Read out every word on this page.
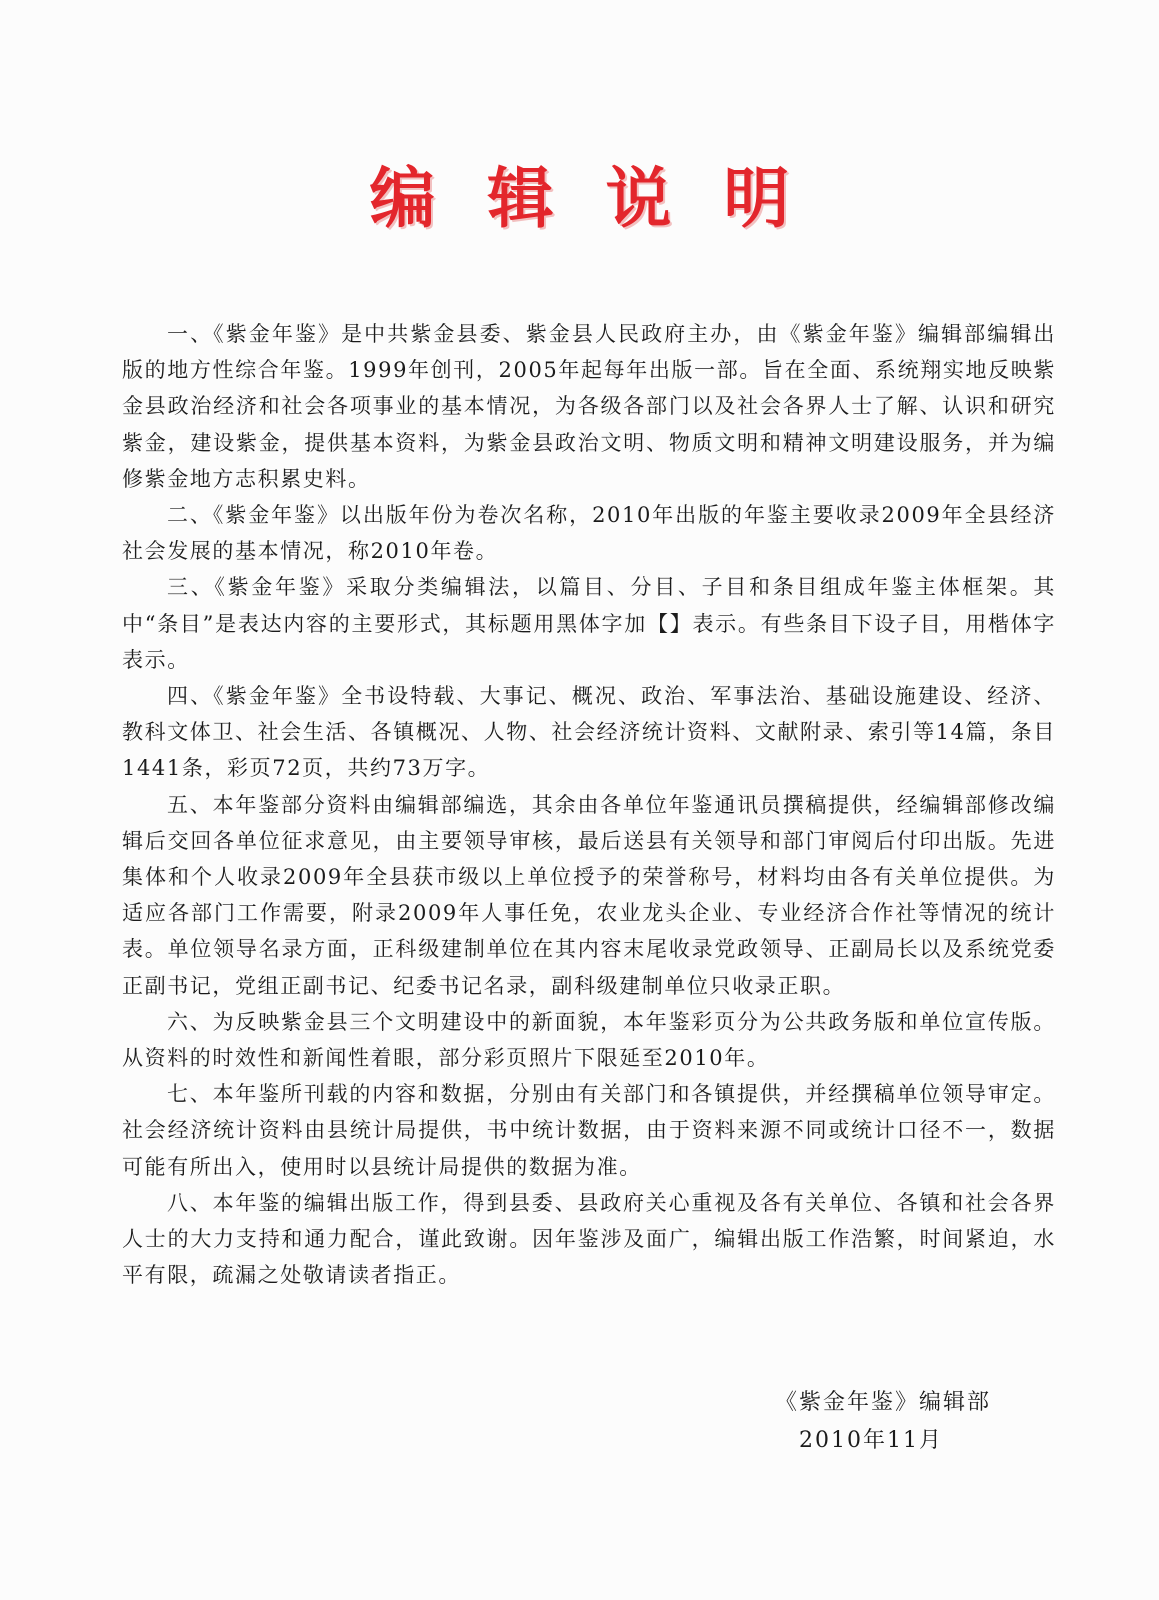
编辑说明

一、《紫金年鉴》是中共紫金县委、紫金县人民政府主办，由《紫金年鉴》编辑部编辑出版的地方性综合年鉴。1999年创刊，2005年起每年出版一部。旨在全面、系统翔实地反映紫金县政治经济和社会各项事业的基本情况，为各级各部门以及社会各界人士了解、认识和研究紫金，建设紫金，提供基本资料，为紫金县政治文明、物质文明和精神文明建设服务，并为编修紫金地方志积累史料。

二、《紫金年鉴》以出版年份为卷次名称，2010年出版的年鉴主要收录2009年全县经济社会发展的基本情况，称2010年卷。

三、《紫金年鉴》采取分类编辑法，以篇目、分目、子目和条目组成年鉴主体框架。其中“条目”是表达内容的主要形式，其标题用黑体字加【】表示。有些条目下设子目，用楷体字表示。

四、《紫金年鉴》全书设特载、大事记、概况、政治、军事法治、基础设施建设、经济、教科文体卫、社会生活、各镇概况、人物、社会经济统计资料、文献附录、索引等14篇，条目1441条，彩页72页，共约73万字。

五、本年鉴部分资料由编辑部编选，其余由各单位年鉴通讯员撰稿提供，经编辑部修改编辑后交回各单位征求意见，由主要领导审核，最后送县有关领导和部门审阅后付印出版。先进集体和个人收录2009年全县获市级以上单位授予的荣誉称号，材料均由各有关单位提供。为适应各部门工作需要，附录2009年人事任免，农业龙头企业、专业经济合作社等情况的统计表。单位领导名录方面，正科级建制单位在其内容末尾收录党政领导、正副局长以及系统党委正副书记，党组正副书记、纪委书记名录，副科级建制单位只收录正职。

六、为反映紫金县三个文明建设中的新面貌，本年鉴彩页分为公共政务版和单位宣传版。从资料的时效性和新闻性着眼，部分彩页照片下限延至2010年。

七、本年鉴所刊载的内容和数据，分别由有关部门和各镇提供，并经撰稿单位领导审定。社会经济统计资料由县统计局提供，书中统计数据，由于资料来源不同或统计口径不一，数据可能有所出入，使用时以县统计局提供的数据为准。

八、本年鉴的编辑出版工作，得到县委、县政府关心重视及各有关单位、各镇和社会各界人士的大力支持和通力配合，谨此致谢。因年鉴涉及面广，编辑出版工作浩繁，时间紧迫，水平有限，疏漏之处敬请读者指正。

《紫金年鉴》编辑部
2010年11月
